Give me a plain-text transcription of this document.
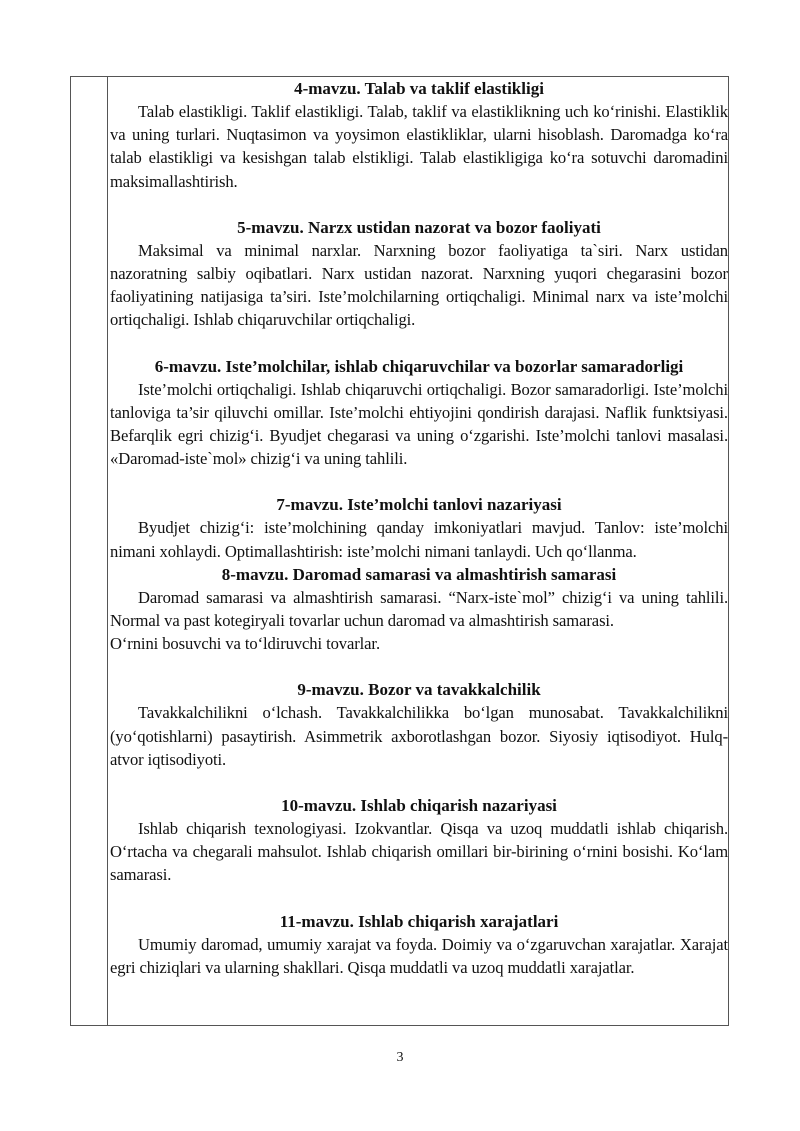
4-mavzu. Talab va taklif elastikligi

Talab elastikligi. Taklif elastikligi. Talab, taklif va elastiklikning uch ko‘rinishi. Elastiklik va uning turlari. Nuqtasimon va yoysimon elastikliklar, ularni hisoblash. Daromadga ko‘ra talab elastikligi va kesishgan talab elstikligi. Talab elastikligiga ko‘ra sotuvchi daromadini maksimallashtirish.

5-mavzu. Narzx ustidan nazorat va bozor faoliyati

Maksimal va minimal narxlar. Narxning bozor faoliyatiga ta`siri. Narx ustidan nazoratning salbiy oqibatlari. Narx ustidan nazorat. Narxning yuqori chegarasini bozor faoliyatining natijasiga ta’siri. Iste’molchilarning ortiqchaligi. Minimal narx va iste’molchi ortiqchaligi. Ishlab chiqaruvchilar ortiqchaligi.

6-mavzu. Iste’molchilar, ishlab chiqaruvchilar va bozorlar samaradorligi

Iste’molchi ortiqchaligi. Ishlab chiqaruvchi ortiqchaligi. Bozor samaradorligi. Iste’molchi tanloviga ta’sir qiluvchi omillar. Iste’molchi ehtiyojini qondirish darajasi. Naflik funktsiyasi. Befarqlik egri chizig‘i. Byudjet chegarasi va uning o‘zgarishi. Iste’molchi tanlovi masalasi. «Daromad-iste`mol» chizig‘i va uning tahlili.

7-mavzu. Iste’molchi tanlovi nazariyasi

Byudjet chizig‘i: iste’molchining qanday imkoniyatlari mavjud. Tanlov: iste’molchi nimani xohlaydi. Optimallashtirish: iste’molchi nimani tanlaydi. Uch qo‘llanma.

8-mavzu. Daromad samarasi va almashtirish samarasi

Daromad samarasi va almashtirish samarasi. “Narx-iste`mol” chizig‘i va uning tahlili. Normal va past kotegiryali tovarlar uchun daromad va almashtirish samarasi.

O‘rnini bosuvchi va to‘ldiruvchi tovarlar.

9-mavzu. Bozor va tavakkalchilik

Tavakkalchilikni o‘lchash. Tavakkalchilikka bo‘lgan munosabat. Tavakkalchilikni (yo‘qotishlarni) pasaytirish. Asimmetrik axborotlashgan bozor. Siyosiy iqtisodiyot. Hulq-atvor iqtisodiyoti.

10-mavzu. Ishlab chiqarish nazariyasi

Ishlab chiqarish texnologiyasi. Izokvantlar. Qisqa va uzoq muddatli ishlab chiqarish. O‘rtacha va chegarali mahsulot. Ishlab chiqarish omillari bir-birining o‘rnini bosishi. Ko‘lam samarasi.

11-mavzu. Ishlab chiqarish xarajatlari

Umumiy daromad, umumiy xarajat va foyda. Doimiy va o‘zgaruvchan xarajatlar. Xarajat egri chiziqlari va ularning shakllari. Qisqa muddatli va uzoq muddatli xarajatlar.

3
